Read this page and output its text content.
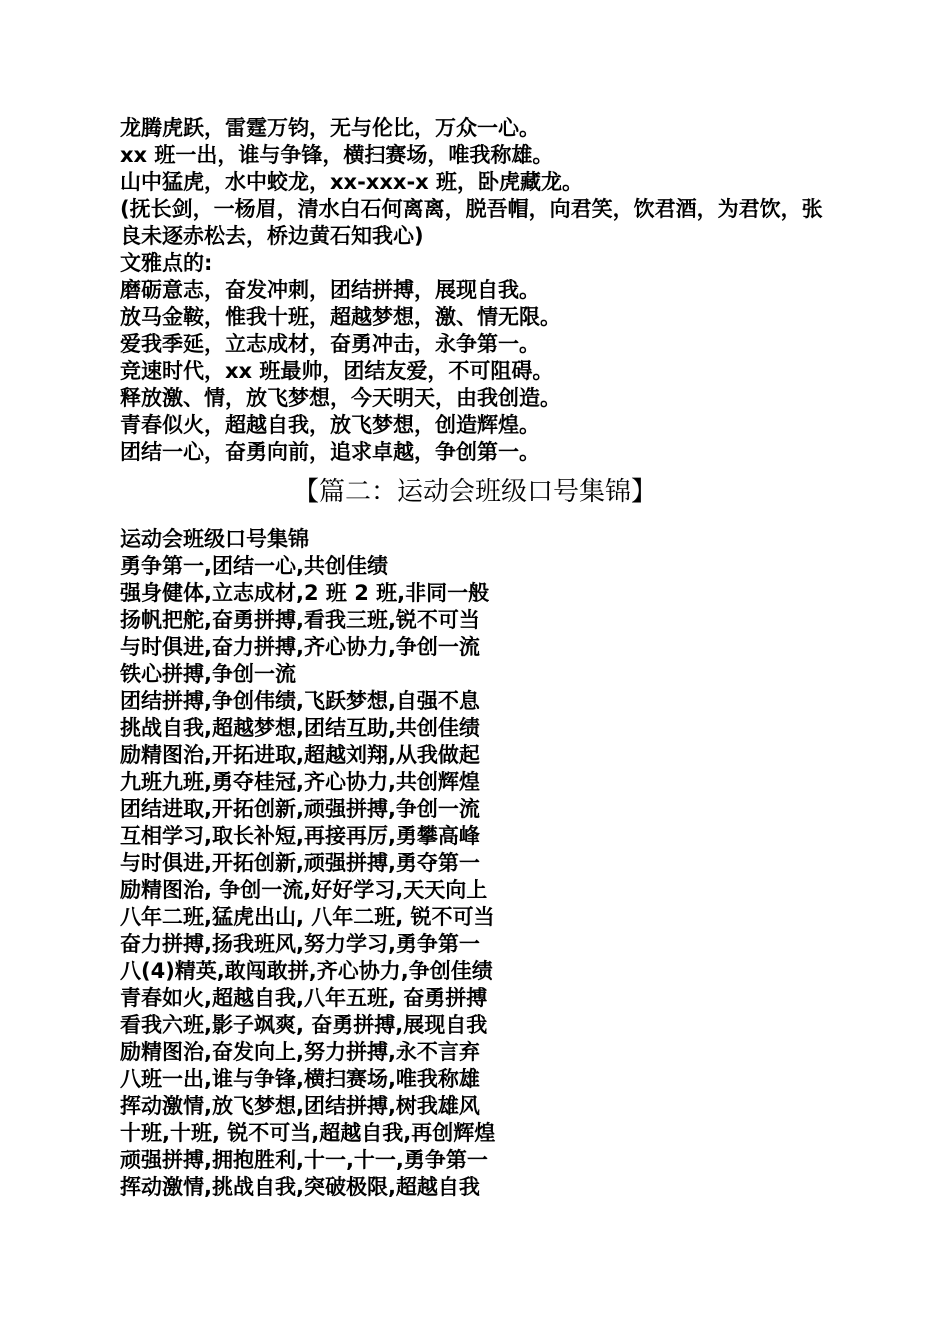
龙腾虎跃，雷霆万钧，无与伦比，万众一心。
xx 班一出，谁与争锋，横扫赛场，唯我称雄。
山中猛虎，水中蛟龙，xx-xxx-x 班，卧虎藏龙。
(抚长剑，一杨眉，清水白石何离离，脱吾帽，向君笑，饮君酒，为君饮，张良未逐赤松去，桥边黄石知我心)
文雅点的:
磨砺意志，奋发冲刺，团结拼搏，展现自我。
放马金鞍，惟我十班，超越梦想，激、情无限。
爱我季延，立志成材，奋勇冲击，永争第一。
竞速时代，xx 班最帅，团结友爱，不可阻碍。
释放激、情，放飞梦想，今天明天，由我创造。
青春似火，超越自我，放飞梦想，创造辉煌。
团结一心，奋勇向前，追求卓越，争创第一。
【篇二：运动会班级口号集锦】
运动会班级口号集锦
勇争第一,团结一心,共创佳绩
强身健体,立志成材,2 班 2 班,非同一般
扬帆把舵,奋勇拼搏,看我三班,锐不可当
与时俱进,奋力拼搏,齐心协力,争创一流
铁心拼搏,争创一流
团结拼搏,争创伟绩,飞跃梦想,自强不息
挑战自我,超越梦想,团结互助,共创佳绩
励精图治,开拓进取,超越刘翔,从我做起
九班九班,勇夺桂冠,齐心协力,共创辉煌
团结进取,开拓创新,顽强拼搏,争创一流
互相学习,取长补短,再接再厉,勇攀高峰
与时俱进,开拓创新,顽强拼搏,勇夺第一
励精图治, 争创一流,好好学习,天天向上
八年二班,猛虎出山, 八年二班, 锐不可当
奋力拼搏,扬我班风,努力学习,勇争第一
八(4)精英,敢闯敢拼,齐心协力,争创佳绩
青春如火,超越自我,八年五班, 奋勇拼搏
看我六班,影子飒爽, 奋勇拼搏,展现自我
励精图治,奋发向上,努力拼搏,永不言弃
八班一出,谁与争锋,横扫赛场,唯我称雄
挥动激情,放飞梦想,团结拼搏,树我雄风
十班,十班, 锐不可当,超越自我,再创辉煌
顽强拼搏,拥抱胜利,十一,十一,勇争第一
挥动激情,挑战自我,突破极限,超越自我
